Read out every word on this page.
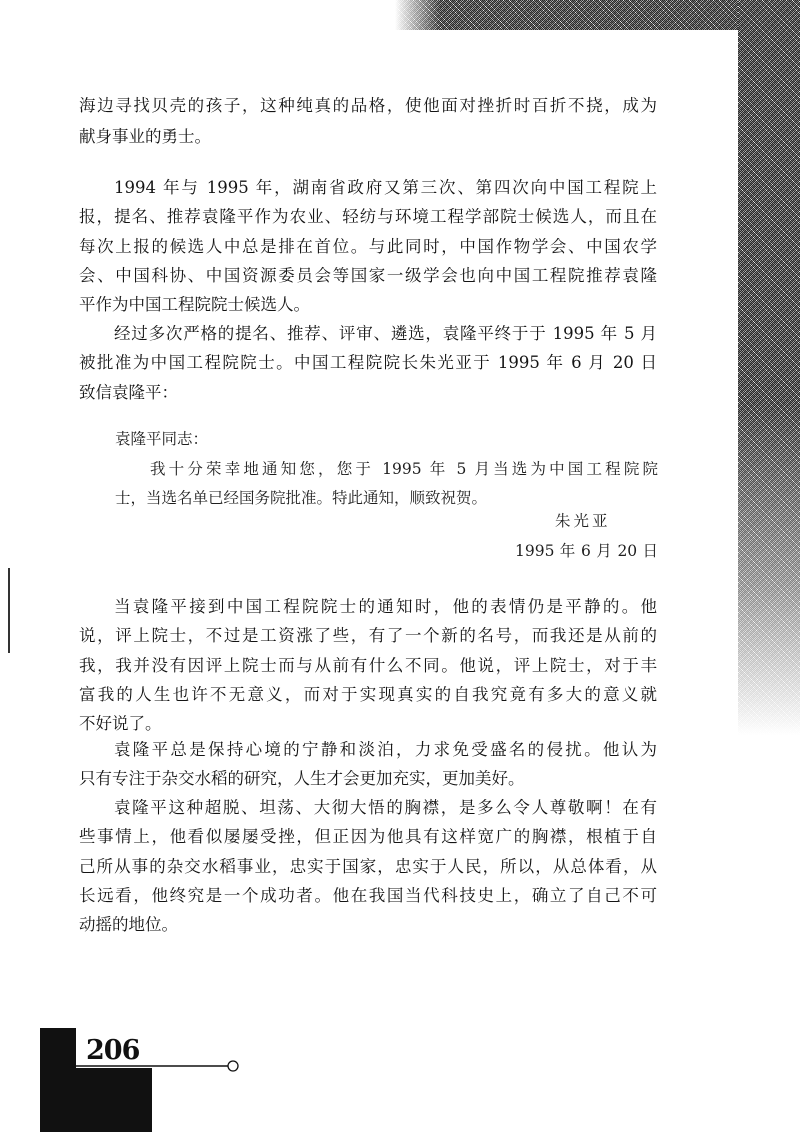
海边寻找贝壳的孩子，这种纯真的品格，使他面对挫折时百折不挠，成为
献身事业的勇士。
1994 年与 1995 年，湖南省政府又第三次、第四次向中国工程院上
报，提名、推荐袁隆平作为农业、轻纺与环境工程学部院士候选人，而且在
每次上报的候选人中总是排在首位。与此同时，中国作物学会、中国农学
会、中国科协、中国资源委员会等国家一级学会也向中国工程院推荐袁隆
平作为中国工程院院士候选人。
经过多次严格的提名、推荐、评审、遴选，袁隆平终于于 1995 年 5 月
被批准为中国工程院院士。中国工程院院长朱光亚于 1995 年 6 月 20 日
致信袁隆平：
袁隆平同志：
我十分荣幸地通知您，您于 1995 年 5 月当选为中国工程院院
士，当选名单已经国务院批准。特此通知，顺致祝贺。
朱光亚
1995 年 6 月 20 日
当袁隆平接到中国工程院院士的通知时，他的表情仍是平静的。他
说，评上院士，不过是工资涨了些，有了一个新的名号，而我还是从前的
我，我并没有因评上院士而与从前有什么不同。他说，评上院士，对于丰
富我的人生也许不无意义，而对于实现真实的自我究竟有多大的意义就
不好说了。
袁隆平总是保持心境的宁静和淡泊，力求免受盛名的侵扰。他认为
只有专注于杂交水稻的研究，人生才会更加充实，更加美好。
袁隆平这种超脱、坦荡、大彻大悟的胸襟，是多么令人尊敬啊！在有
些事情上，他看似屡屡受挫，但正因为他具有这样宽广的胸襟，根植于自
己所从事的杂交水稻事业，忠实于国家，忠实于人民，所以，从总体看，从
长远看，他终究是一个成功者。他在我国当代科技史上，确立了自己不可
动摇的地位。
206
